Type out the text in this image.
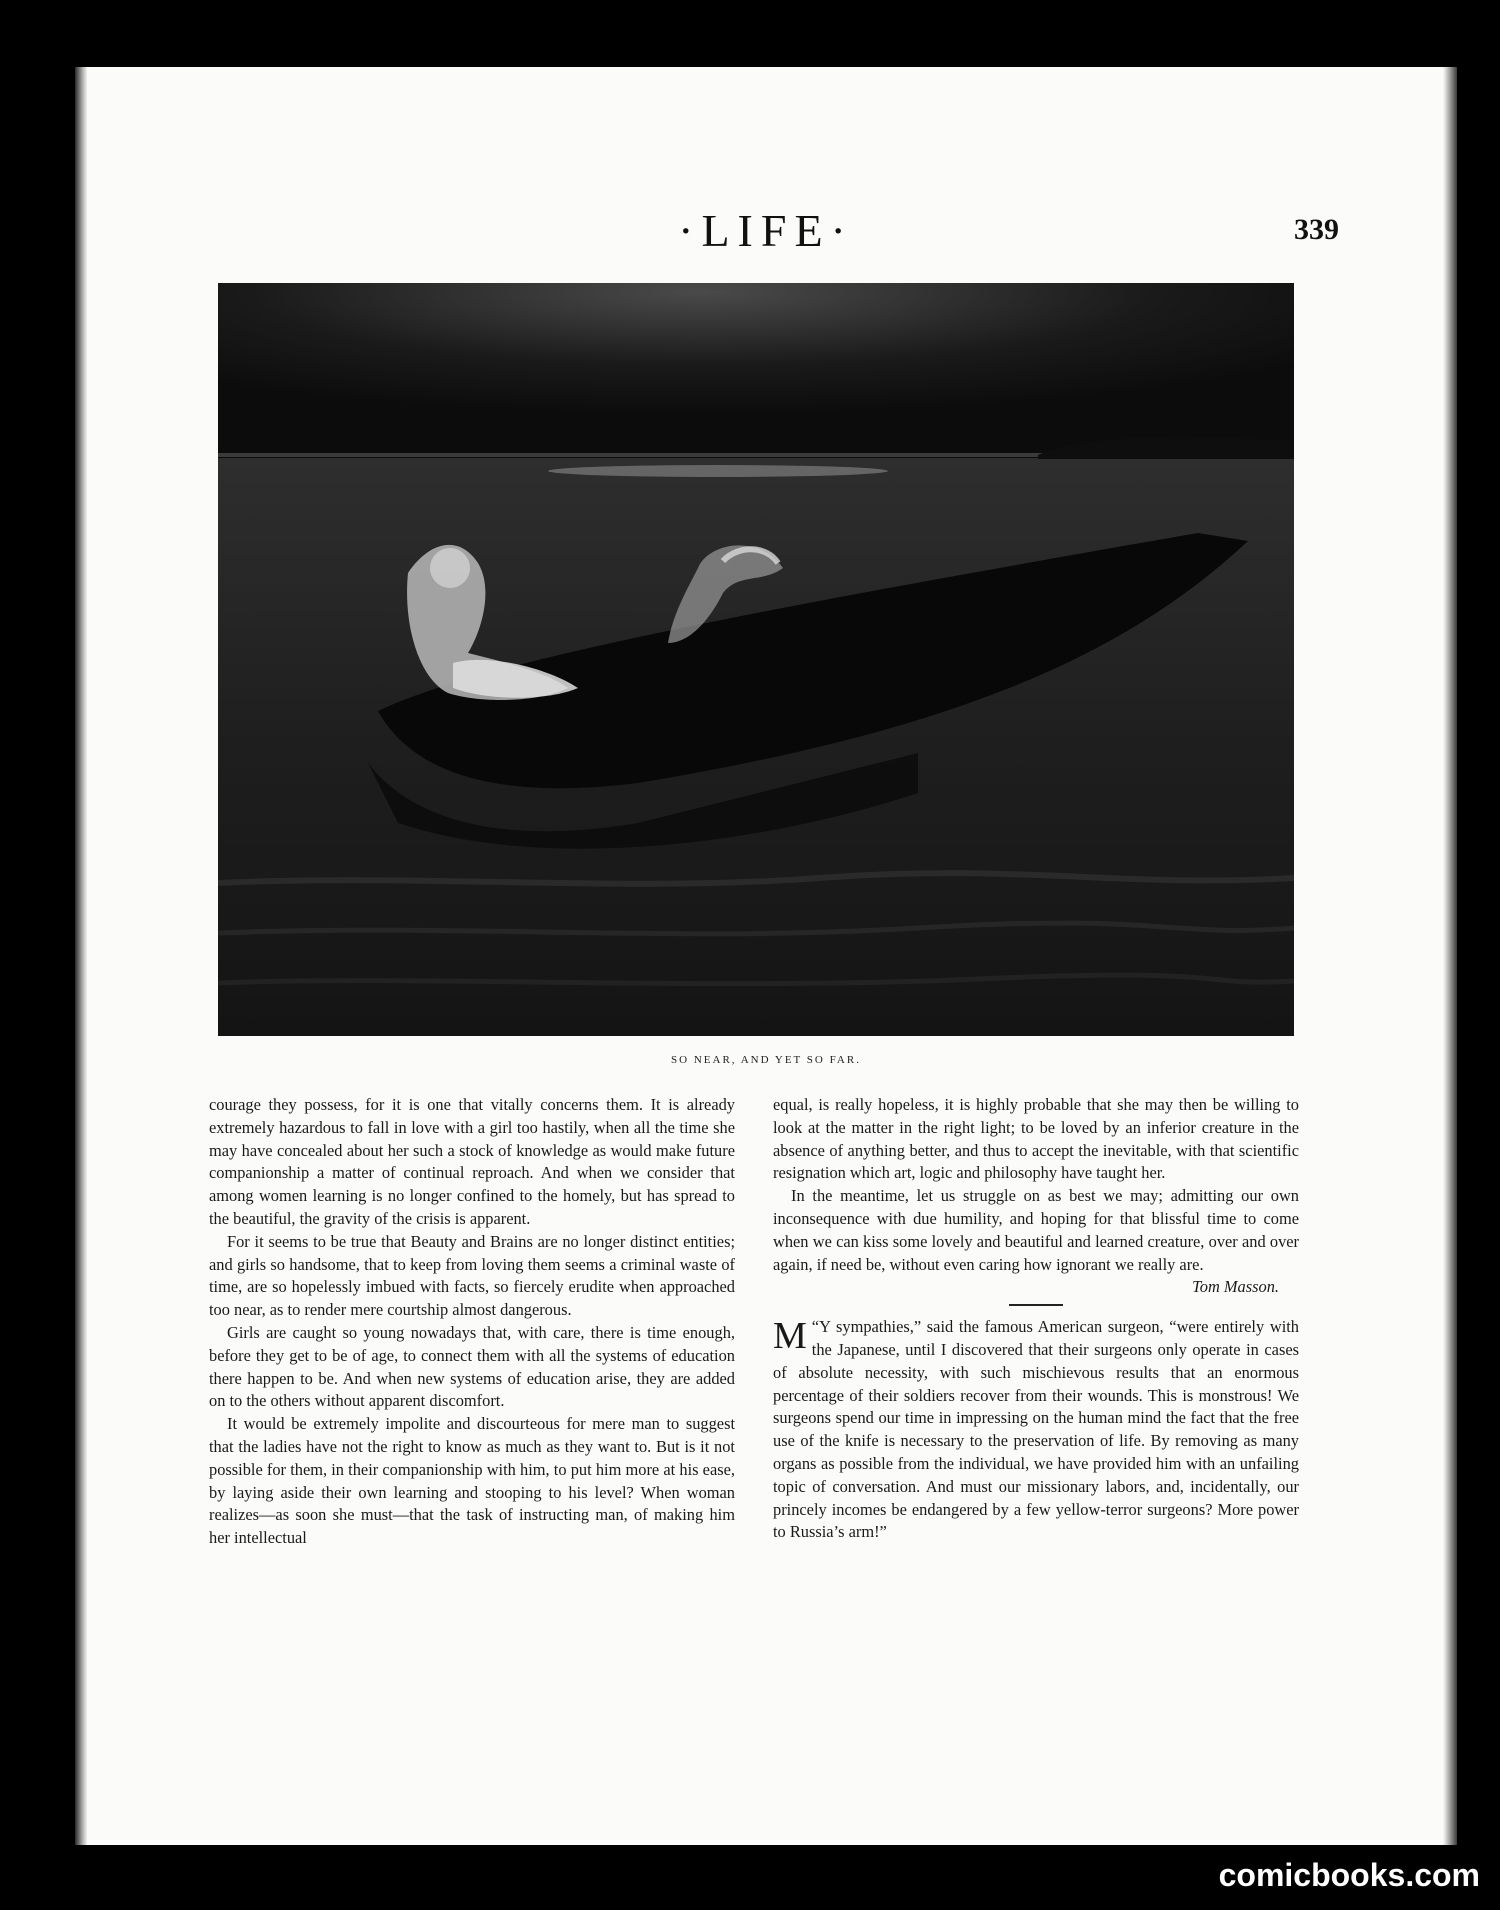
·LIFE·	339
SO NEAR, AND YET SO FAR.

courage they possess, for it is one that vitally concerns them. It is already extremely hazardous to fall in love with a girl too hastily, when all the time she may have concealed about her such a stock of knowledge as would make future companionship a matter of continual reproach. And when we consider that among women learning is no longer confined to the homely, but has spread to the beautiful, the gravity of the crisis is apparent.

For it seems to be true that Beauty and Brains are no longer distinct entities; and girls so handsome, that to keep from loving them seems a criminal waste of time, are so hopelessly imbued with facts, so fiercely erudite when approached too near, as to render mere courtship almost dangerous.

Girls are caught so young nowadays that, with care, there is time enough, before they get to be of age, to connect them with all the systems of education there happen to be. And when new systems of education arise, they are added on to the others without apparent discomfort.

It would be extremely impolite and discourteous for mere man to suggest that the ladies have not the right to know as much as they want to. But is it not possible for them, in their companionship with him, to put him more at his ease, by laying aside their own learning and stooping to his level? When woman realizes—as soon she must—that the task of instructing man, of making him her intellectual

equal, is really hopeless, it is highly probable that she may then be willing to look at the matter in the right light; to be loved by an inferior creature in the absence of anything better, and thus to accept the inevitable, with that scientific resignation which art, logic and philosophy have taught her.

In the meantime, let us struggle on as best we may; admitting our own inconsequence with due humility, and hoping for that blissful time to come when we can kiss some lovely and beautiful and learned creature, over and over again, if need be, without even caring how ignorant we really are.
Tom Masson.

“
M Y sympathies,” said the famous American surgeon, “were entirely with the Japanese, until I discovered that their surgeons only operate in cases of absolute necessity, with such mischievous results that an enormous percentage of their soldiers recover from their wounds. This is monstrous! We surgeons spend our time in impressing on the human mind the fact that the free use of the knife is necessary to the preservation of life. By removing as many organs as possible from the individual, we have provided him with an unfailing topic of conversation. And must our missionary labors, and, incidentally, our princely incomes be endangered by a few yellow-terror surgeons? More power to Russia’s arm!”

comicbooks.com
